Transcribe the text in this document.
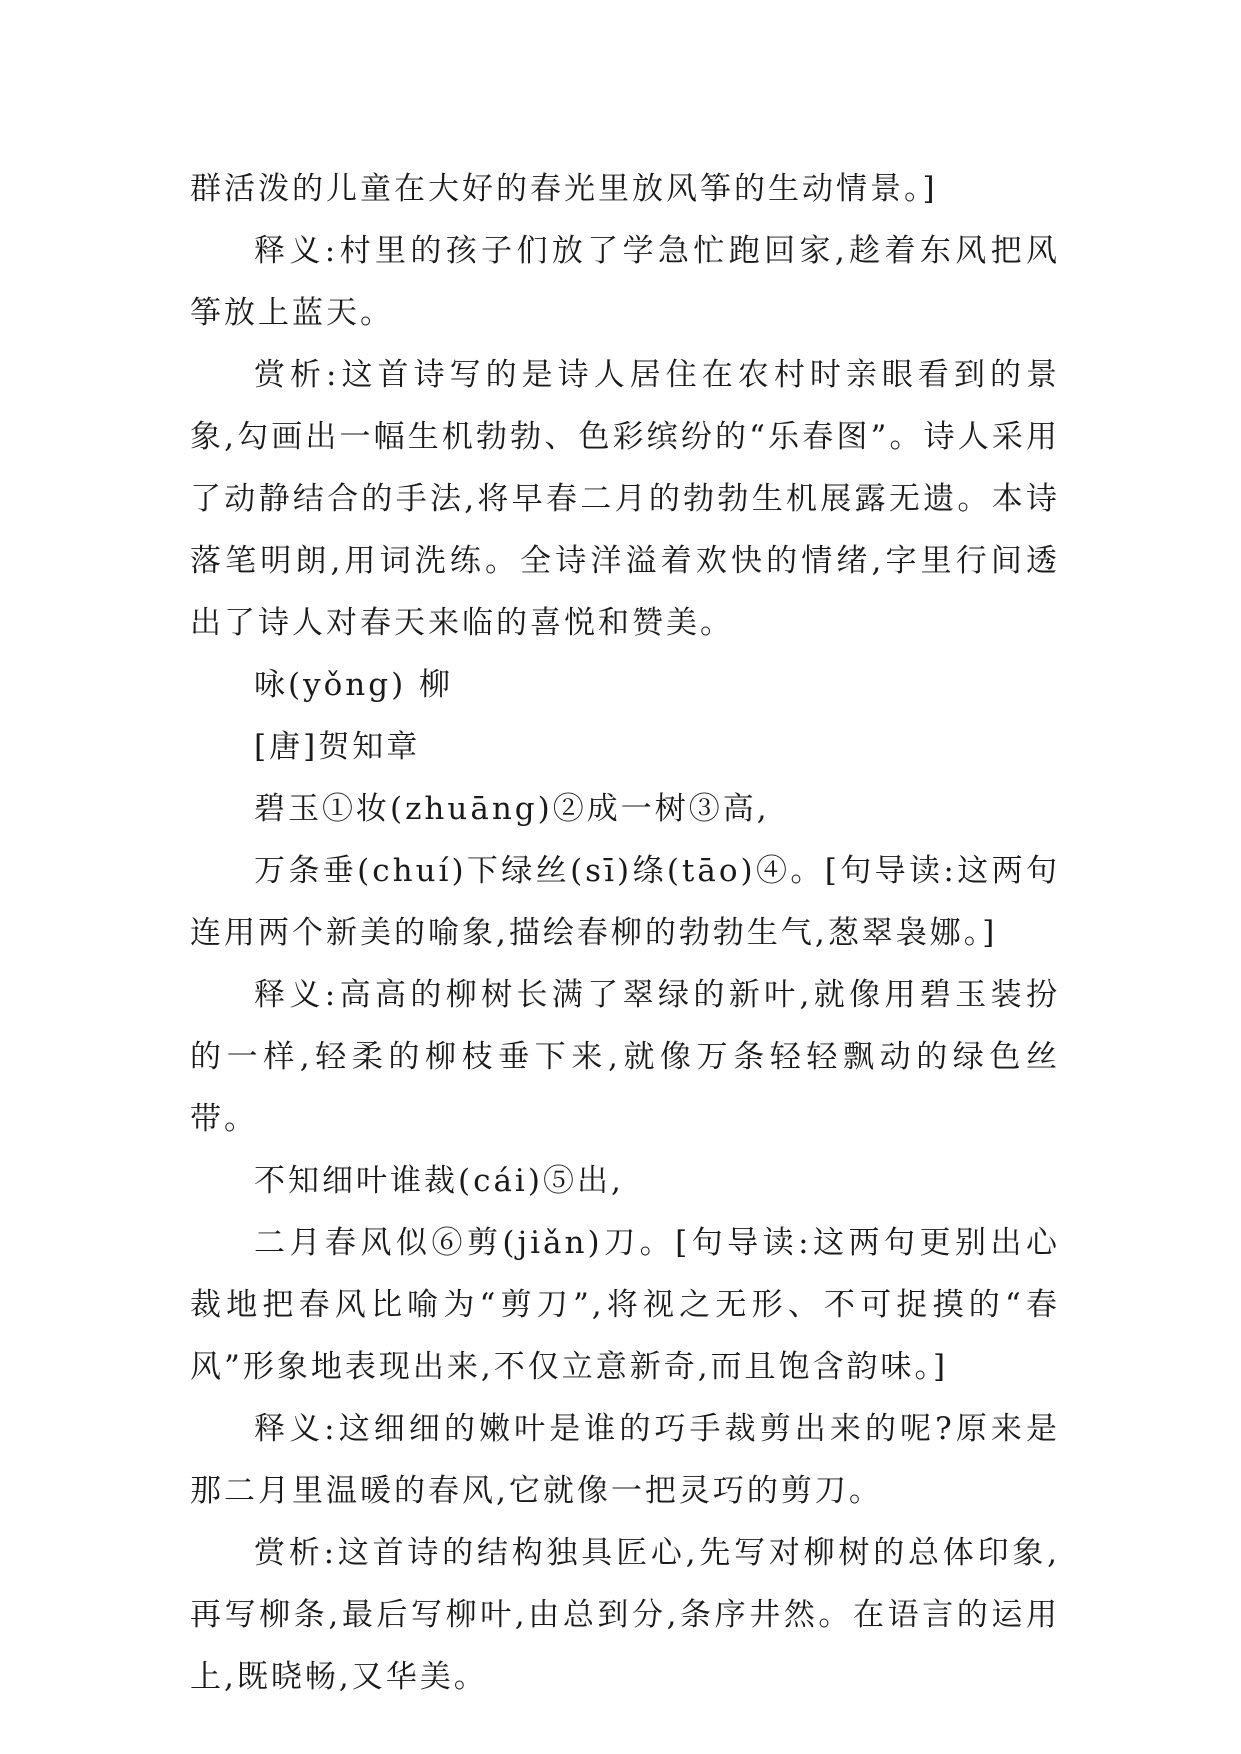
群活泼的儿童在大好的春光里放风筝的生动情景。]

释义:村里的孩子们放了学急忙跑回家,趁着东风把风筝放上蓝天。

赏析:这首诗写的是诗人居住在农村时亲眼看到的景象,勾画出一幅生机勃勃、色彩缤纷的“乐春图”。诗人采用了动静结合的手法,将早春二月的勃勃生机展露无遗。本诗落笔明朗,用词洗练。全诗洋溢着欢快的情绪,字里行间透出了诗人对春天来临的喜悦和赞美。

咏(yǒng) 柳

[唐]贺知章

碧玉①妆(zhuāng)②成一树③高,

万条垂(chuí)下绿丝(sī)绦(tāo)④。[句导读:这两句连用两个新美的喻象,描绘春柳的勃勃生气,葱翠袅娜。]

释义:高高的柳树长满了翠绿的新叶,就像用碧玉装扮的一样,轻柔的柳枝垂下来,就像万条轻轻飘动的绿色丝带。

不知细叶谁裁(cái)⑤出,

二月春风似⑥剪(jiǎn)刀。[句导读:这两句更别出心裁地把春风比喻为“剪刀”,将视之无形、不可捉摸的“春风”形象地表现出来,不仅立意新奇,而且饱含韵味。]

释义:这细细的嫩叶是谁的巧手裁剪出来的呢?原来是那二月里温暖的春风,它就像一把灵巧的剪刀。

赏析:这首诗的结构独具匠心,先写对柳树的总体印象,再写柳条,最后写柳叶,由总到分,条序井然。在语言的运用上,既晓畅,又华美。
